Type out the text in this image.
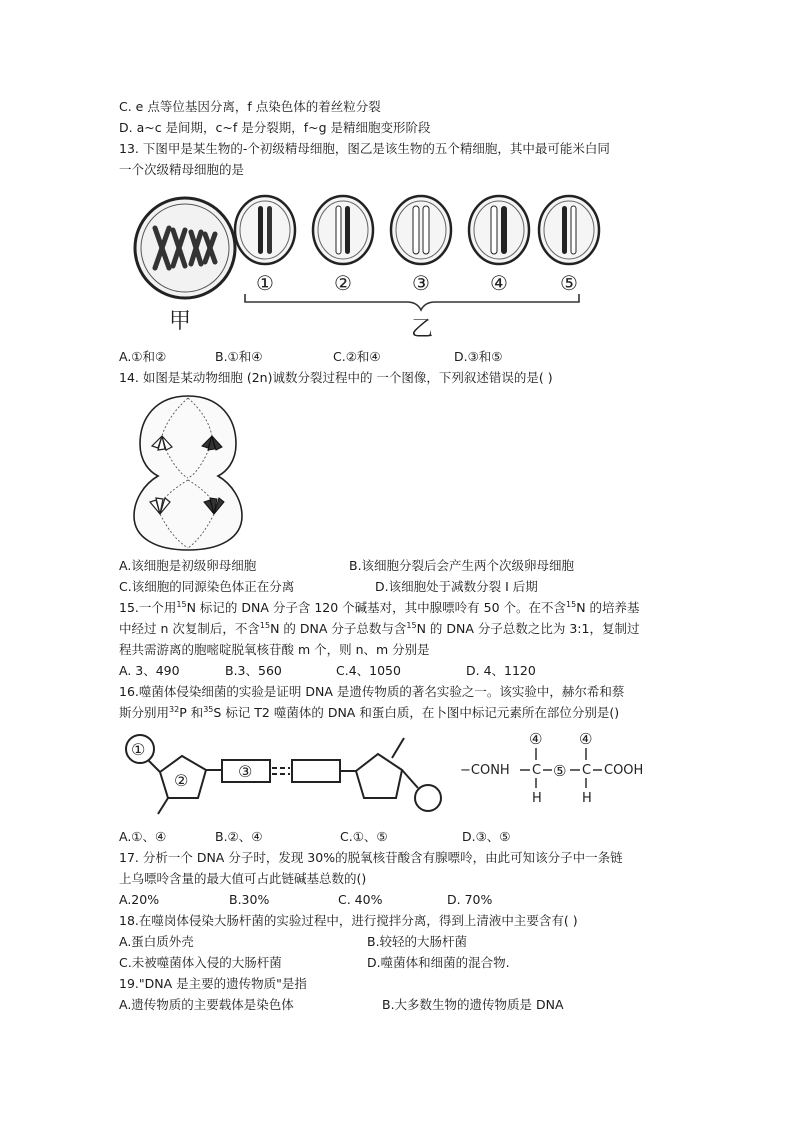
C. e 点等位基因分离，f 点染色体的着丝粒分裂
D. a~c 是间期，c~f 是分裂期，f~g 是精细胞变形阶段
13. 下图甲是某生物的-个初级精母细胞，图乙是该生物的五个精细胞，其中最可能米白同
一个次级精母细胞的是
甲
①	②	③	④	⑤
乙
A.①和②	B.①和④	C.②和④	D.③和⑤
14. 如图是某动物细胞 (2n)诚数分裂过程中的 一个图像，下列叙述错误的是( )
A.该细胞是初级卵母细胞	B.该细胞分裂后会产生两个次级卵母细胞
C.该细胞的同源染色体正在分离	D.该细胞处于减数分裂 I 后期
15.一个用$^{15}$N 标记的 DNA 分子含 120 个碱基对，其中腺嘌呤有 50 个。在不含$^{15}$N 的培养基
中经过 n 次复制后，不含$^{15}$N 的 DNA 分子总数与含$^{15}$N 的 DNA 分子总数之比为 3:1，复制过
程共需游离的胞嘧啶脱氧核苷酸 m 个，则 n、m 分别是
A. 3、490	B.3、560	C.4、1050	D. 4、1120
16.噬菌体侵染细菌的实验是证明 DNA 是遗传物质的著名实验之一。该实验中，赫尔希和蔡
斯分别用$^{32}$P 和$^{35}$S 标记 T2 噬菌体的 DNA 和蛋白质，在卜图中标记元素所在部位分别是()
①
②	③	−CONH C ⑤ C COOH
④ ④
H	H
A.①、④	B.②、④	C.①、⑤	D.③、⑤
17. 分析一个 DNA 分子时，发现 30%的脱氧核苷酸含有腺嘌呤，由此可知该分子中一条链
上乌嘌呤含量的最大值可占此链碱基总数的()
A.20%	B.30%	C. 40%	D. 70%
18.在噬岗体侵染大肠杆菌的实验过程中，进行搅拌分离，得到上清液中主要含有( )
A.蛋白质外壳	B.较轻的大肠杆菌
C.未被噬菌体入侵的大肠杆菌	D.噬菌体和细菌的混合物.
19."DNA 是主要的遗传物质"是指
A.遗传物质的主要载体是染色体	B.大多数生物的遗传物质是 DNA
